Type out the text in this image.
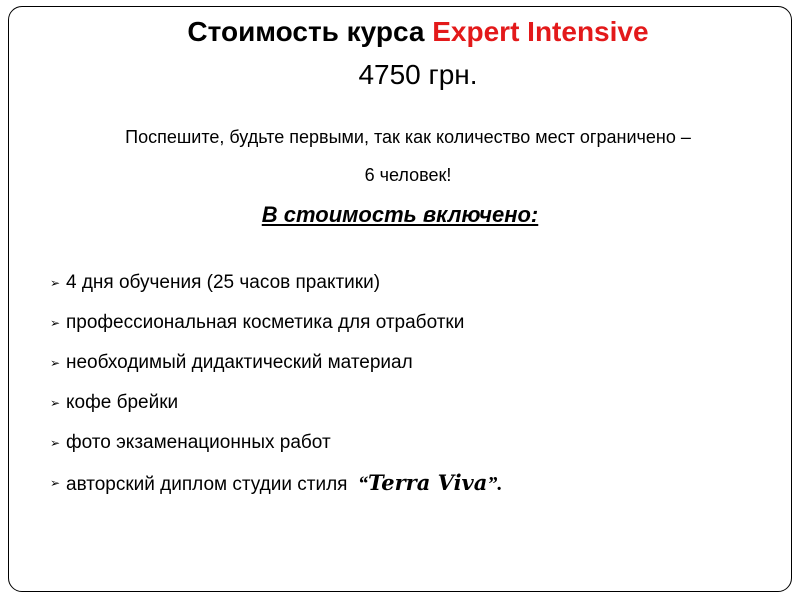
Стоимость курса Expert Intensive
4750 грн.
Поспешите, будьте первыми, так как количество мест ограничено –
6 человек!
В стоимость включено:
➢ 4 дня обучения (25 часов практики)
➢ профессиональная косметика для отработки
➢ необходимый дидактический материал
➢ кофе брейки
➢ фото экзаменационных работ
➢ авторский диплом студии стиля  “Terra Viva”.
